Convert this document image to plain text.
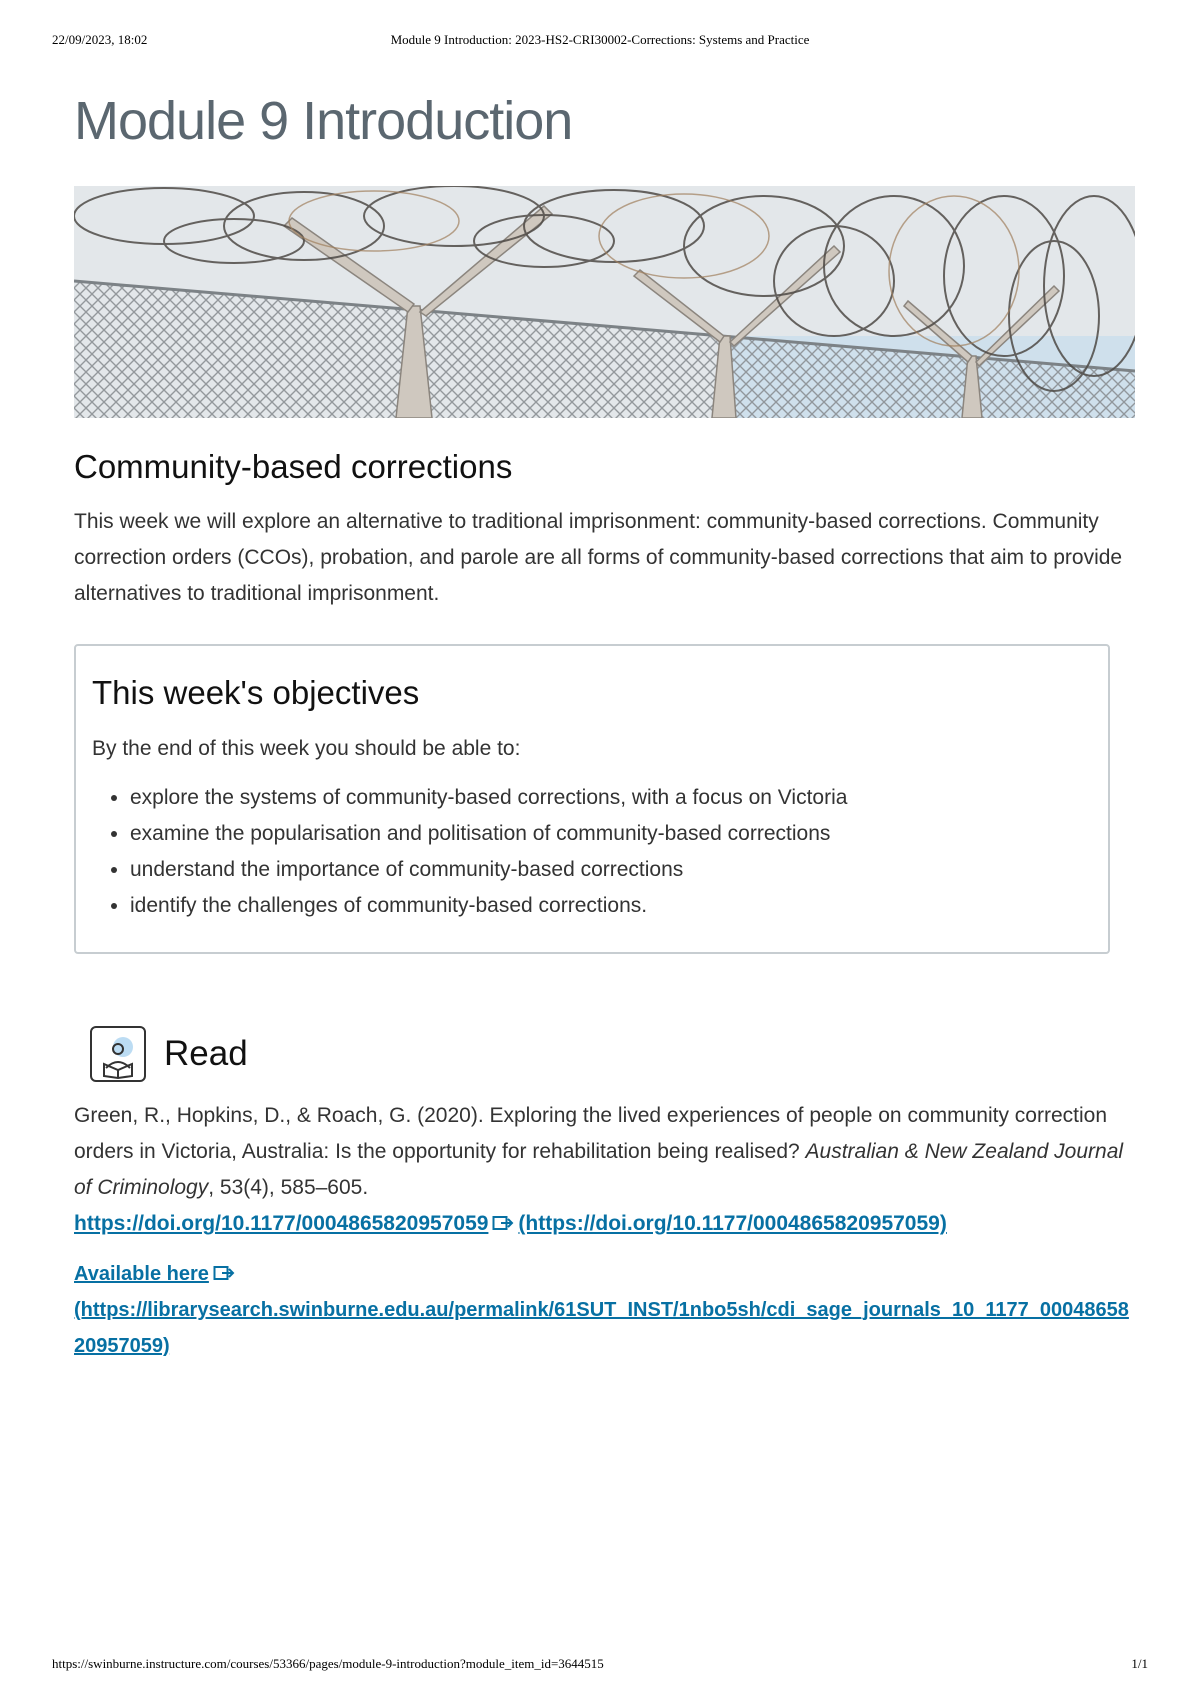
22/09/2023, 18:02	Module 9 Introduction: 2023-HS2-CRI30002-Corrections: Systems and Practice
Module 9 Introduction
Community-based corrections

This week we will explore an alternative to traditional imprisonment: community-based corrections. Community correction orders (CCOs), probation, and parole are all forms of community-based corrections that aim to provide alternatives to traditional imprisonment.

This week's objectives

By the end of this week you should be able to:

• explore the systems of community-based corrections, with a focus on Victoria
• examine the popularisation and politisation of community-based corrections
• understand the importance of community-based corrections
• identify the challenges of community-based corrections.
Read

Green, R., Hopkins, D., & Roach, G. (2020). Exploring the lived experiences of people on community correction orders in Victoria, Australia: Is the opportunity for rehabilitation being realised? Australian & New Zealand Journal of Criminology, 53(4), 585–605.
https://doi.org/10.1177/0004865820957059 (https://doi.org/10.1177/0004865820957059)

Available here
(https://librarysearch.swinburne.edu.au/permalink/61SUT_INST/1nbo5sh/cdi_sage_journals_10_1177_0004865820957059)
https://swinburne.instructure.com/courses/53366/pages/module-9-introduction?module_item_id=3644515	1/1
